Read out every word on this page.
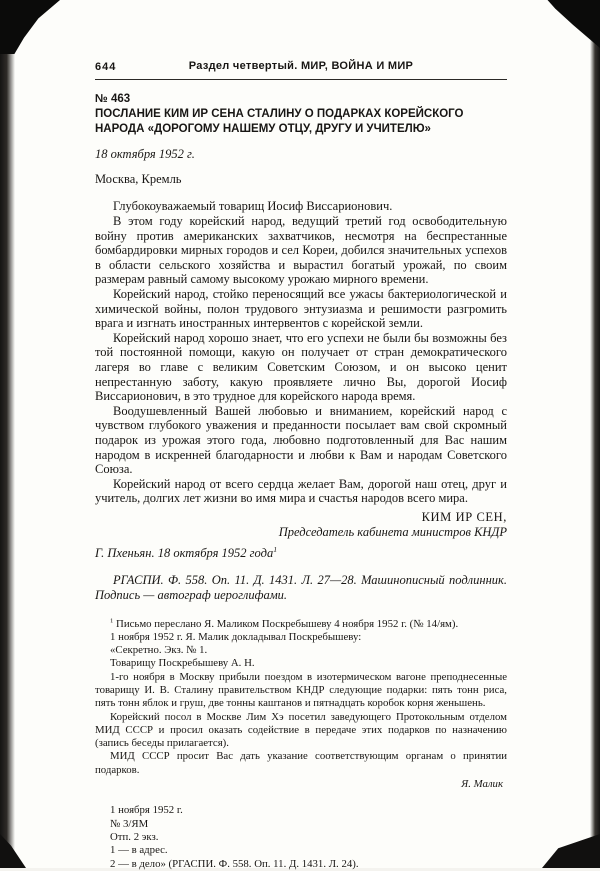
644	Раздел четвертый. МИР, ВОЙНА И МИР
№ 463
ПОСЛАНИЕ КИМ ИР СЕНА СТАЛИНУ О ПОДАРКАХ КОРЕЙСКОГО НАРОДА «ДОРОГОМУ НАШЕМУ ОТЦУ, ДРУГУ И УЧИТЕЛЮ»
18 октября 1952 г.
Москва, Кремль

Глубокоуважаемый товарищ Иосиф Виссарионович.

В этом году корейский народ, ведущий третий год освободительную войну против американских захватчиков, несмотря на беспрестанные бомбардировки мирных городов и сел Кореи, добился значительных успехов в области сельского хозяйства и вырастил богатый урожай, по своим размерам равный самому высокому урожаю мирного времени.

Корейский народ, стойко переносящий все ужасы бактериологической и химической войны, полон трудового энтузиазма и решимости разгромить врага и изгнать иностранных интервентов с корейской земли.

Корейский народ хорошо знает, что его успехи не были бы возможны без той постоянной помощи, какую он получает от стран демократического лагеря во главе с великим Советским Союзом, и он высоко ценит непрестанную заботу, какую проявляете лично Вы, дорогой Иосиф Виссарионович, в это трудное для корейского народа время.

Воодушевленный Вашей любовью и вниманием, корейский народ с чувством глубокого уважения и преданности посылает вам свой скромный подарок из урожая этого года, любовно подготовленный для Вас нашим народом в искренней благодарности и любви к Вам и народам Советского Союза.

Корейский народ от всего сердца желает Вам, дорогой наш отец, друг и учитель, долгих лет жизни во имя мира и счастья народов всего мира.

КИМ ИР СЕН,
Председатель кабинета министров КНДР
Г. Пхеньян. 18 октября 1952 года$^1$

РГАСПИ. Ф. 558. Оп. 11. Д. 1431. Л. 27—28. Машинописный подлинник. Подпись — автограф иероглифами.

$^1$ Письмо переслано Я. Маликом Поскребышеву 4 ноября 1952 г. (№ 14/ям).

1 ноября 1952 г. Я. Малик докладывал Поскребышеву:

«Секретно. Экз. № 1.

Товарищу Поскребышеву А. Н.

1-го ноября в Москву прибыли поездом в изотермическом вагоне преподнесенные товарищу И. В. Сталину правительством КНДР следующие подарки: пять тонн риса, пять тонн яблок и груш, две тонны каштанов и пятнадцать коробок корня женьшень.

Корейский посол в Москве Лим Хэ посетил заведующего Протокольным отделом МИД СССР и просил оказать содействие в передаче этих подарков по назначению (запись беседы прилагается).

МИД СССР просит Вас дать указание соответствующим органам о принятии подарков.

Я. Малик
1 ноября 1952 г.
№ 3/ЯМ
Отп. 2 экз.
1 — в адрес.
2 — в дело» (РГАСПИ. Ф. 558. Оп. 11. Д. 1431. Л. 24).
